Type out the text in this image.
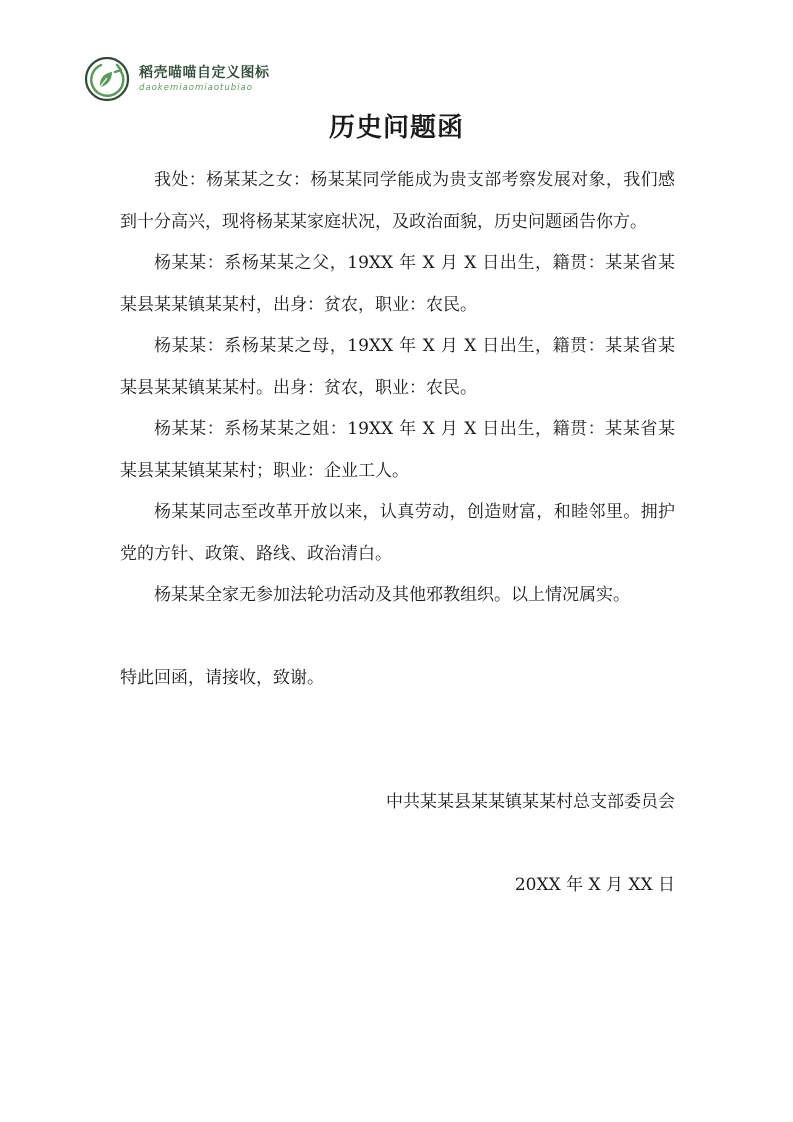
稻壳喵喵自定义图标
daokemiaomiaotubiao
历史问题函

我处：杨某某之女：杨某某同学能成为贵支部考察发展对象，我们感到十分高兴，现将杨某某家庭状况，及政治面貌，历史问题函告你方。

杨某某：系杨某某之父，19XX 年 X 月 X 日出生，籍贯：某某省某某县某某镇某某村，出身：贫农，职业：农民。

杨某某：系杨某某之母，19XX 年 X 月 X 日出生，籍贯：某某省某某县某某镇某某村。出身：贫农，职业：农民。

杨某某：系杨某某之姐：19XX 年 X 月 X 日出生，籍贯：某某省某某县某某镇某某村；职业：企业工人。

杨某某同志至改革开放以来，认真劳动，创造财富，和睦邻里。拥护党的方针、政策、路线、政治清白。

杨某某全家无参加法轮功活动及其他邪教组织。以上情况属实。

特此回函，请接收，致谢。

中共某某县某某镇某某村总支部委员会
20XX 年 X 月 XX 日
